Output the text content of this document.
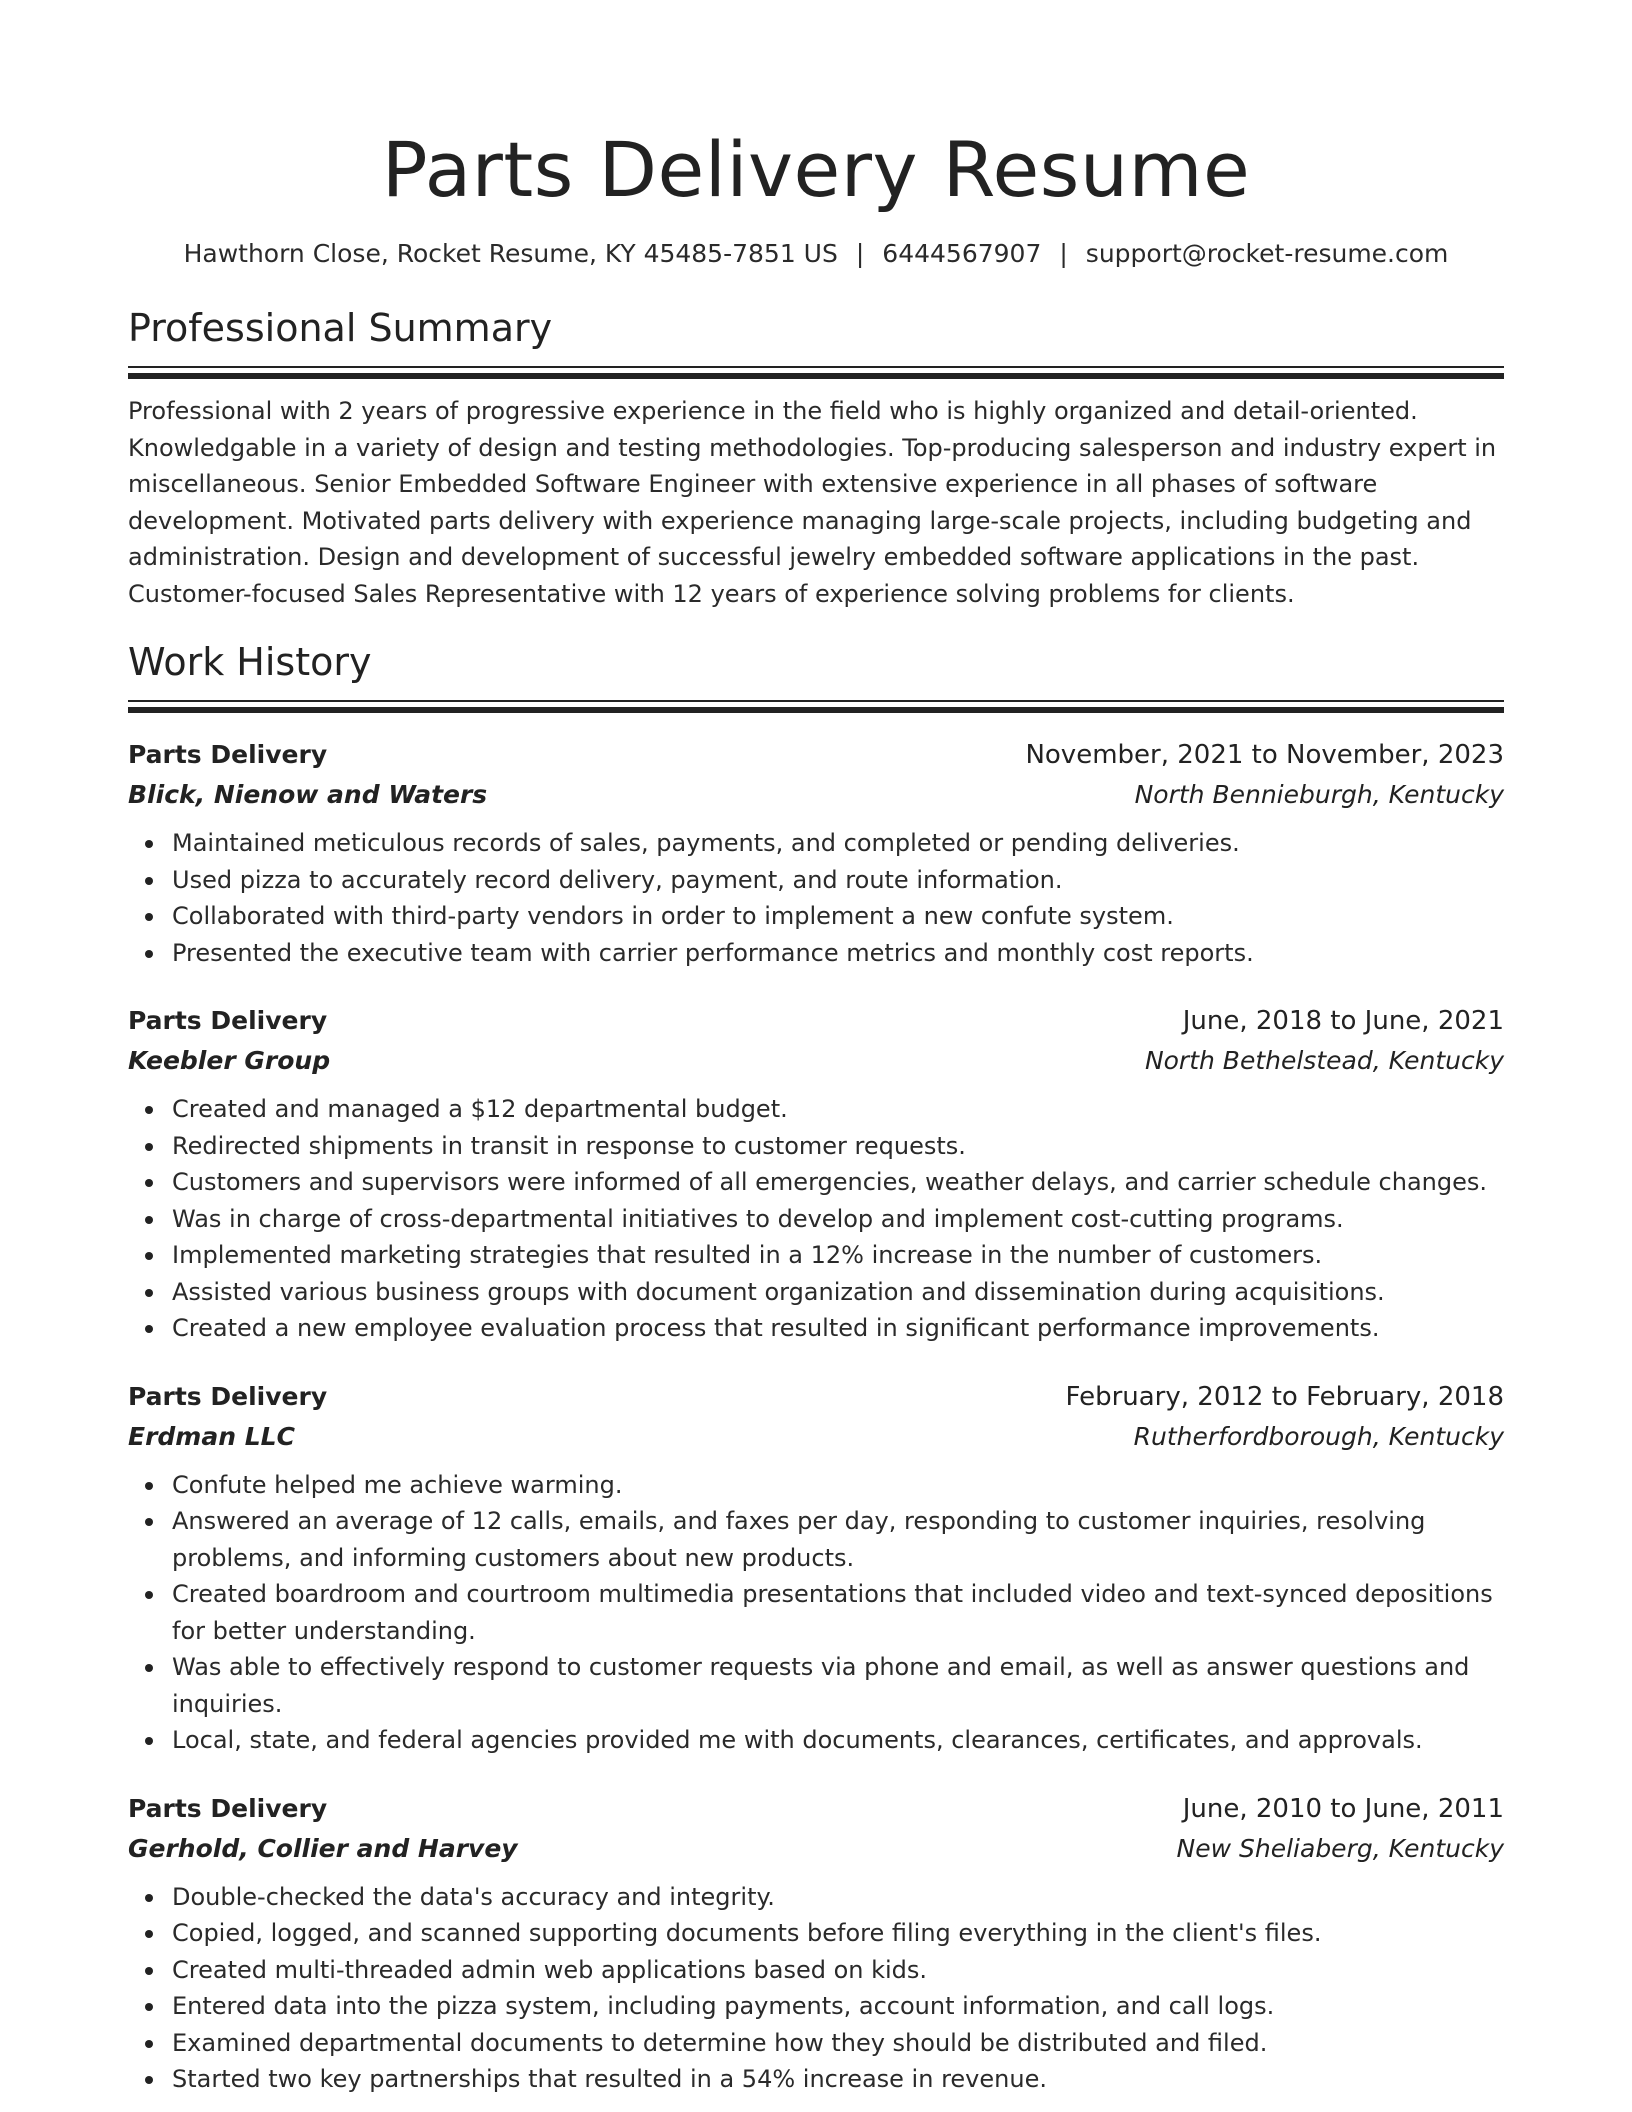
Parts Delivery Resume
Hawthorn Close, Rocket Resume, KY 45485-7851 US | 6444567907 | support@rocket-resume.com
Professional Summary

Professional with 2 years of progressive experience in the field who is highly organized and detail-oriented. Knowledgable in a variety of design and testing methodologies. Top-producing salesperson and industry expert in miscellaneous. Senior Embedded Software Engineer with extensive experience in all phases of software development. Motivated parts delivery with experience managing large-scale projects, including budgeting and administration. Design and development of successful jewelry embedded software applications in the past. Customer-focused Sales Representative with 12 years of experience solving problems for clients.

Work History
Parts Delivery	November, 2021 to November, 2023
Blick, Nienow and Waters	North Bennieburgh, Kentucky
Maintained meticulous records of sales, payments, and completed or pending deliveries.
Used pizza to accurately record delivery, payment, and route information.
Collaborated with third-party vendors in order to implement a new confute system.
Presented the executive team with carrier performance metrics and monthly cost reports.
Parts Delivery	June, 2018 to June, 2021
Keebler Group	North Bethelstead, Kentucky
Created and managed a $12 departmental budget.
Redirected shipments in transit in response to customer requests.
Customers and supervisors were informed of all emergencies, weather delays, and carrier schedule changes.
Was in charge of cross-departmental initiatives to develop and implement cost-cutting programs.
Implemented marketing strategies that resulted in a 12% increase in the number of customers.
Assisted various business groups with document organization and dissemination during acquisitions.
Created a new employee evaluation process that resulted in significant performance improvements.
Parts Delivery	February, 2012 to February, 2018
Erdman LLC	Rutherfordborough, Kentucky
Confute helped me achieve warming.
Answered an average of 12 calls, emails, and faxes per day, responding to customer inquiries, resolving problems, and informing customers about new products.
Created boardroom and courtroom multimedia presentations that included video and text-synced depositions for better understanding.
Was able to effectively respond to customer requests via phone and email, as well as answer questions and inquiries.
Local, state, and federal agencies provided me with documents, clearances, certificates, and approvals.
Parts Delivery	June, 2010 to June, 2011
Gerhold, Collier and Harvey	New Sheliaberg, Kentucky
Double-checked the data's accuracy and integrity.
Copied, logged, and scanned supporting documents before filing everything in the client's files.
Created multi-threaded admin web applications based on kids.
Entered data into the pizza system, including payments, account information, and call logs.
Examined departmental documents to determine how they should be distributed and filed.
Started two key partnerships that resulted in a 54% increase in revenue.
